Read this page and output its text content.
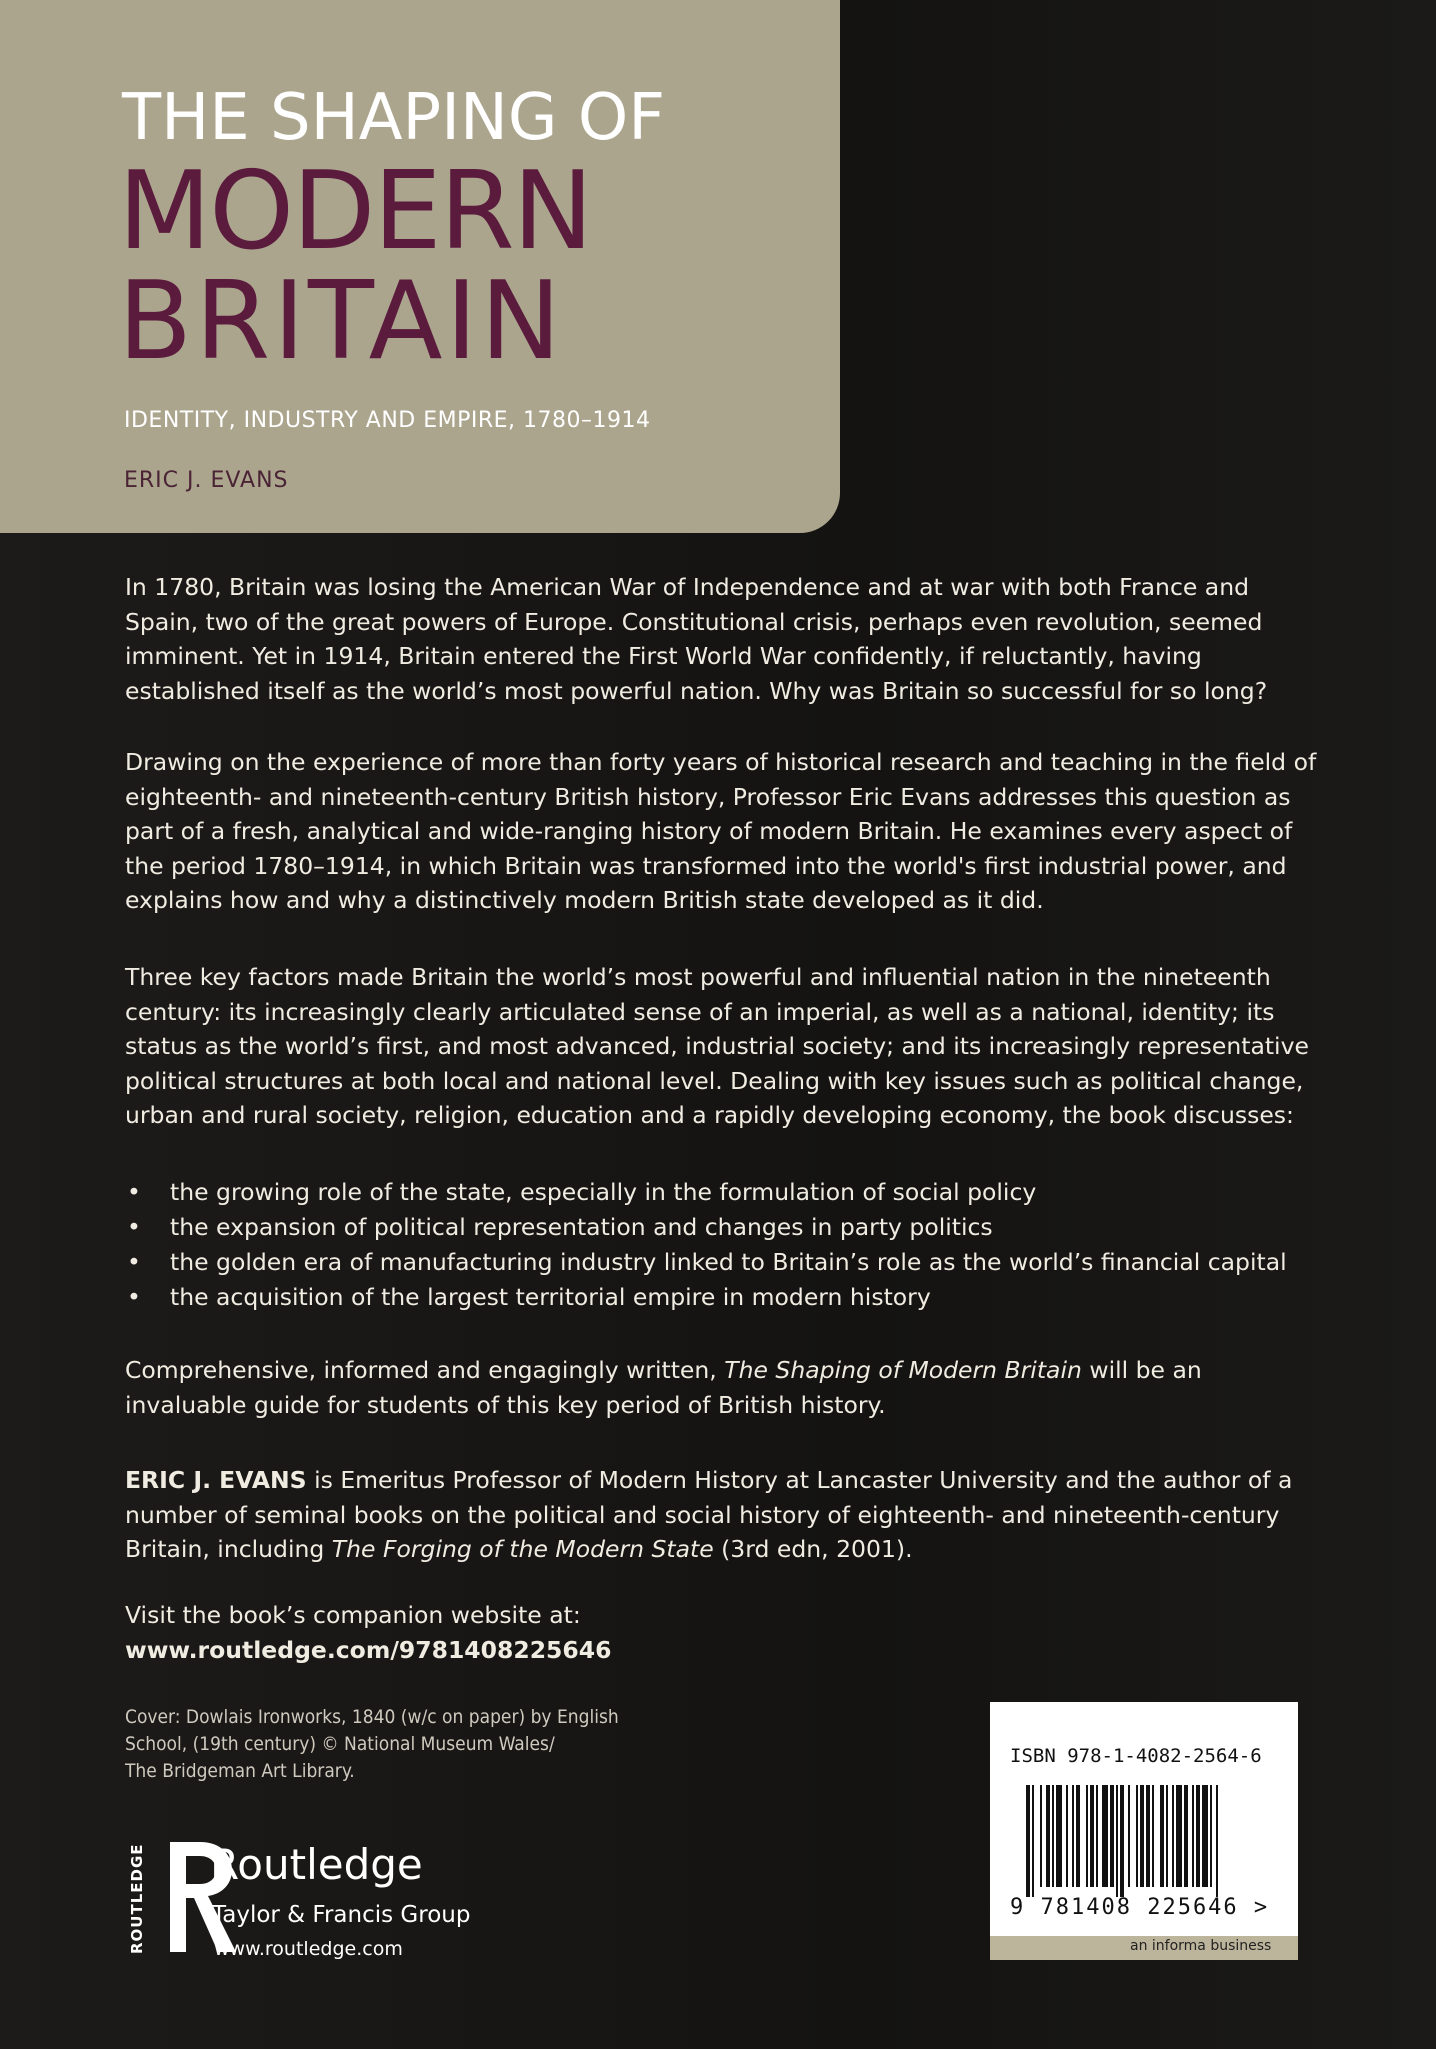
THE SHAPING OF
MODERN
BRITAIN
IDENTITY, INDUSTRY AND EMPIRE, 1780–1914
ERIC J. EVANS

In 1780, Britain was losing the American War of Independence and at war with both France and Spain, two of the great powers of Europe. Constitutional crisis, perhaps even revolution, seemed imminent. Yet in 1914, Britain entered the First World War confidently, if reluctantly, having established itself as the world’s most powerful nation. Why was Britain so successful for so long?

Drawing on the experience of more than forty years of historical research and teaching in the field of eighteenth- and nineteenth-century British history, Professor Eric Evans addresses this question as part of a fresh, analytical and wide-ranging history of modern Britain. He examines every aspect of the period 1780–1914, in which Britain was transformed into the world's first industrial power, and explains how and why a distinctively modern British state developed as it did.

Three key factors made Britain the world’s most powerful and influential nation in the nineteenth century: its increasingly clearly articulated sense of an imperial, as well as a national, identity; its status as the world’s first, and most advanced, industrial society; and its increasingly representative political structures at both local and national level. Dealing with key issues such as political change, urban and rural society, religion, education and a rapidly developing economy, the book discusses:

• the growing role of the state, especially in the formulation of social policy
• the expansion of political representation and changes in party politics
• the golden era of manufacturing industry linked to Britain’s role as the world’s financial capital
• the acquisition of the largest territorial empire in modern history

Comprehensive, informed and engagingly written, The Shaping of Modern Britain will be an invaluable guide for students of this key period of British history.

ERIC J. EVANS is Emeritus Professor of Modern History at Lancaster University and the author of a number of seminal books on the political and social history of eighteenth- and nineteenth-century Britain, including The Forging of the Modern State (3rd edn, 2001).

Visit the book’s companion website at:
www.routledge.com/9781408225646

Cover: Dowlais Ironworks, 1840 (w/c on paper) by English
School, (19th century) © National Museum Wales/
The Bridgeman Art Library.
ROUTLEDGE Routledge
Taylor & Francis Group
www.routledge.com
ISBN 978-1-4082-2564-6
9 781408 225646 >
an informa business
